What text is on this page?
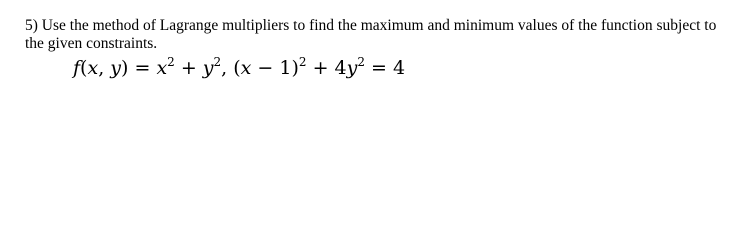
5) Use the method of Lagrange multipliers to find the maximum and minimum values of the function subject to
the given constraints.
f(x, $y) = x^2 + y^2$, $(x - 1)^2 + 4y^2 = 4$
